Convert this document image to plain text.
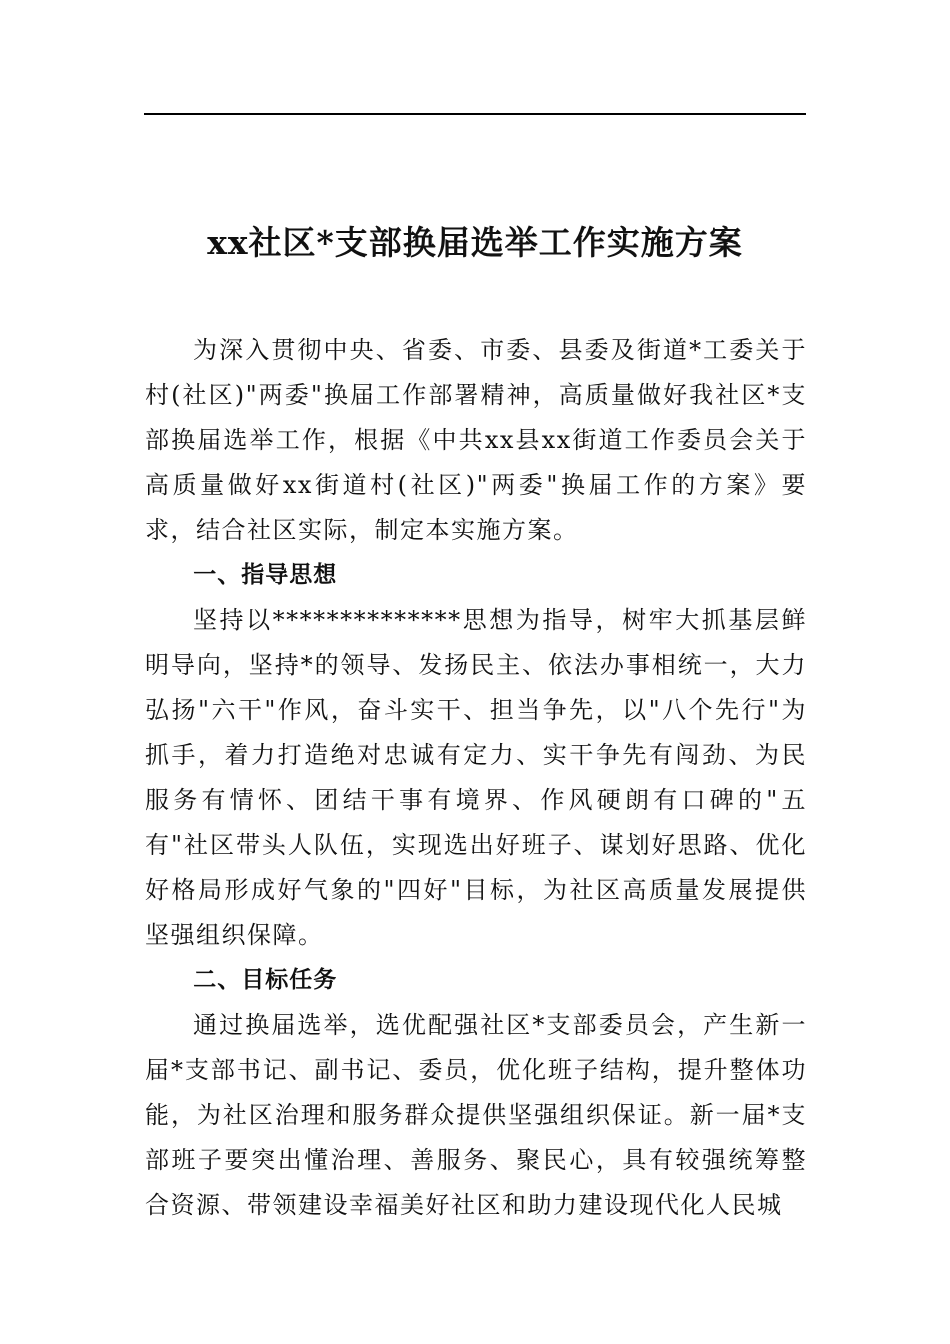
xx社区*支部换届选举工作实施方案

为深入贯彻中央、省委、市委、县委及街道*工委关于村(社区)"两委"换届工作部署精神，高质量做好我社区*支部换届选举工作，根据《中共xx县xx街道工作委员会关于高质量做好xx街道村(社区)"两委"换届工作的方案》要求，结合社区实际，制定本实施方案。

一、指导思想

坚持以**************思想为指导，树牢大抓基层鲜明导向，坚持*的领导、发扬民主、依法办事相统一，大力弘扬"六干"作风，奋斗实干、担当争先，以"八个先行"为抓手，着力打造绝对忠诚有定力、实干争先有闯劲、为民服务有情怀、团结干事有境界、作风硬朗有口碑的"五有"社区带头人队伍，实现选出好班子、谋划好思路、优化好格局形成好气象的"四好"目标，为社区高质量发展提供坚强组织保障。

二、目标任务

通过换届选举，选优配强社区*支部委员会，产生新一届*支部书记、副书记、委员，优化班子结构，提升整体功能，为社区治理和服务群众提供坚强组织保证。新一届*支部班子要突出懂治理、善服务、聚民心，具有较强统筹整合资源、带领建设幸福美好社区和助力建设现代化人民城
